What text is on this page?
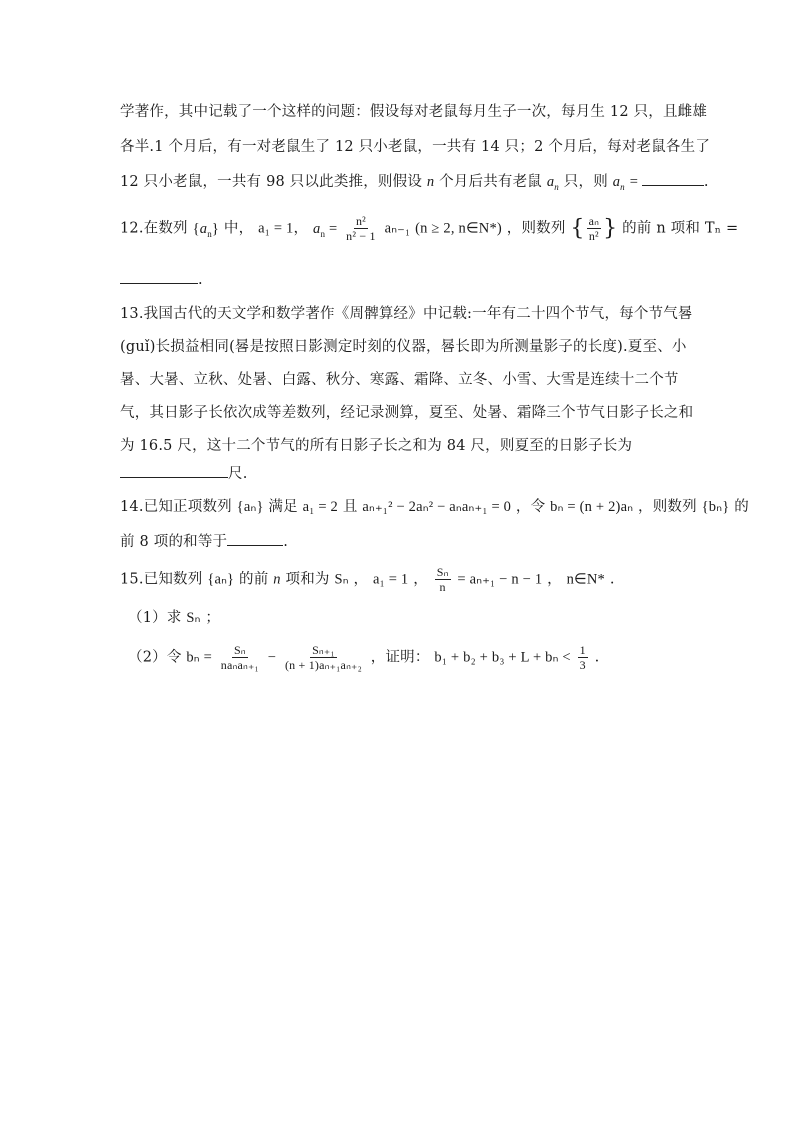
学著作，其中记载了一个这样的问题：假设每对老鼠每月生子一次，每月生 12 只，且雌雄
各半.1 个月后，有一对老鼠生了 12 只小老鼠，一共有 14 只；2 个月后，每对老鼠各生了
12 只小老鼠，一共有 98 只以此类推，则假设 n 个月后共有老鼠 $a_n$ 只，则 $a_n$ =	.
12.在数列 $\{a_n\}$ 中， a₁ = 1， $a_n = \frac{\text{n²}}{\text{n² − 1}} a_{n-1}$ (n ≥ 2, n∈N*) ，则数列 { $\frac{\text{aₙ}}{\text{n²}}$ } 的前 n 项和 Tₙ =
.
13.我国古代的天文学和数学著作《周髀算经》中记载:一年有二十四个节气，每个节气晷
(guǐ)长损益相同(晷是按照日影测定时刻的仪器，晷长即为所测量影子的长度).夏至、小
暑、大暑、立秋、处暑、白露、秋分、寒露、霜降、立冬、小雪、大雪是连续十二个节
气，其日影子长依次成等差数列，经记录测算，夏至、处暑、霜降三个节气日影子长之和
为 16.5 尺，这十二个节气的所有日影子长之和为 84 尺，则夏至的日影子长为
尺.
14.已知正项数列 {aₙ} 满足 a₁ = 2 且 aₙ₊₁² − 2aₙ² − aₙaₙ₊₁ = 0 ，令 bₙ = (n + 2)aₙ ，则数列 {bₙ} 的
前 8 项的和等于	.
15.已知数列 {aₙ} 的前 n 项和为 Sₙ ， a₁ = 1 ， $\frac{\text{Sₙ}}{n} = a_{n+1} - n - 1$ ， n∈N* .
（1）求 Sₙ ；
（2）令 $b_n = \frac{\text{Sₙ}}{\text{naₙaₙ₊₁}} - \frac{\text{Sₙ₊₁}}{\text{(n + 1)aₙ₊₁aₙ₊₂}}$ ，证明： $b_1 + b_2 + b_3 + L + b_n < \frac{1}{3}$ .
